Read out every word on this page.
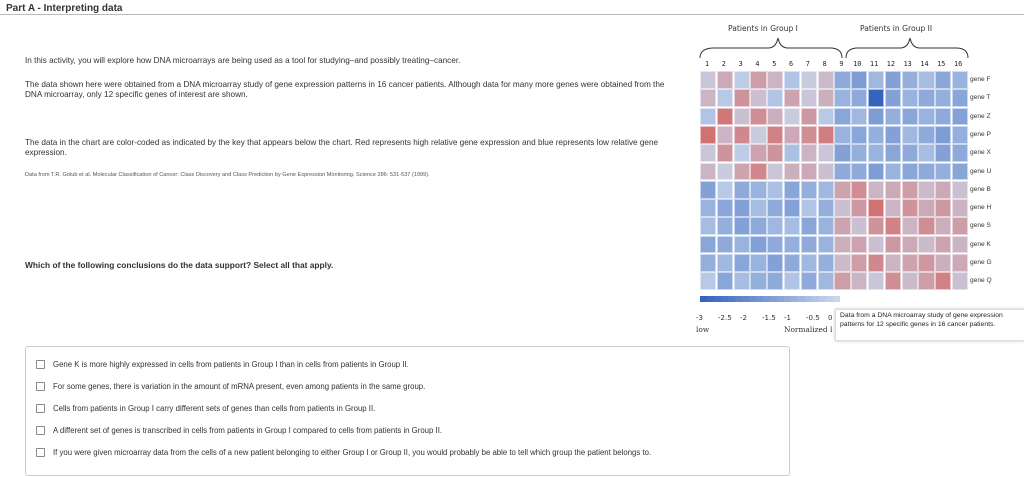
Part A - Interpreting data
In this activity, you will explore how DNA microarrays are being used as a tool for studying–and possibly treating–cancer.
The data shown here were obtained from a DNA microarray study of gene expression patterns in 16 cancer patients. Although data for many more genes were obtained from the DNA microarray, only 12 specific genes of interest are shown.
The data in the chart are color-coded as indicated by the key that appears below the chart. Red represents high relative gene expression and blue represents low relative gene expression.
Data from T.R. Golub et al. Molecular Classification of Cancer: Class Discovery and Class Prediction by Gene Expression Monitoring. Science 286: 531-537 (1999).
Which of the following conclusions do the data support? Select all that apply.
Gene K is more highly expressed in cells from patients in Group I than in cells from patients in Group II.
For some genes, there is variation in the amount of mRNA present, even among patients in the same group.
Cells from patients in Group I carry different sets of genes than cells from patients in Group II.
A different set of genes is transcribed in cells from patients in Group I compared to cells from patients in Group II.
If you were given microarray data from the cells of a new patient belonging to either Group I or Group II, you would probably be able to tell which group the patient belongs to.
Patients in Group I	Patients in Group II
1 2 3 4 5 6 7 8 9 10 11 12 13 14 15 16
gene F
gene T
gene Z
gene P
gene X
gene U
gene B
gene H
gene S
gene K
gene G
gene Q
-3 -2.5 -2 -1.5 -1 -0.5 0
low	Normalized l
Data from a DNA microarray study of gene expression patterns for 12 specific genes in 16 cancer patients.
